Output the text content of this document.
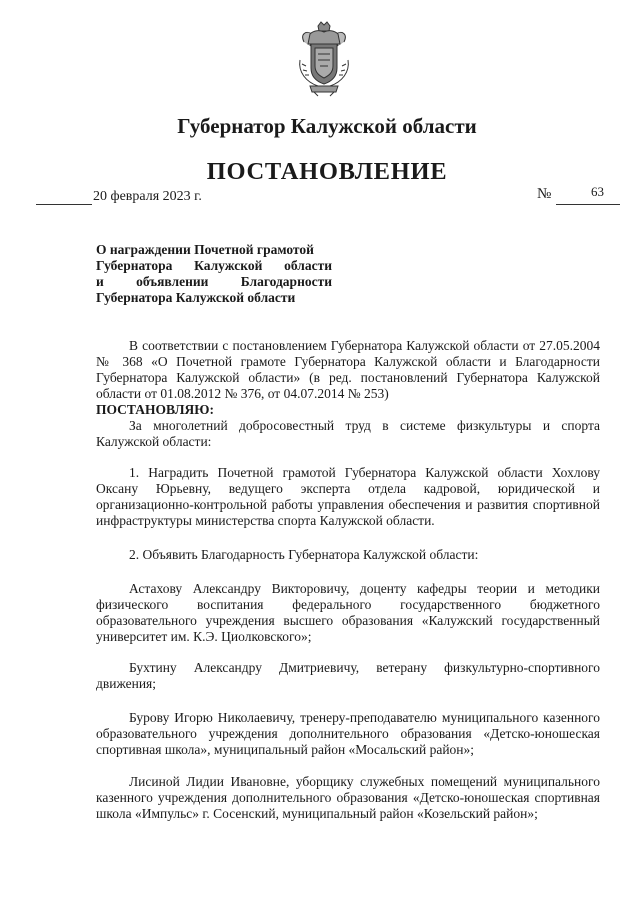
Губернатор Калужской области
ПОСТАНОВЛЕНИЕ
20 февраля 2023 г.	№	63
О награждении Почетной грамотой
Губернатора Калужской области
и объявлении Благодарности
Губернатора Калужской области

В соответствии с постановлением Губернатора Калужской области от 27.05.2004 № 368 «О Почетной грамоте Губернатора Калужской области и Благодарности Губернатора Калужской области» (в ред. постановлений Губернатора Калужской области от 01.08.2012 № 376, от 04.07.2014 № 253)

ПОСТАНОВЛЯЮ:

За многолетний добросовестный труд в системе физкультуры и спорта Калужской области:

1. Наградить Почетной грамотой Губернатора Калужской области Хохлову Оксану Юрьевну, ведущего эксперта отдела кадровой, юридической и организационно-контрольной работы управления обеспечения и развития спортивной инфраструктуры министерства спорта Калужской области.

2. Объявить Благодарность Губернатора Калужской области:

Астахову Александру Викторовичу, доценту кафедры теории и методики физического воспитания федерального государственного бюджетного образовательного учреждения высшего образования «Калужский государственный университет им. К.Э. Циолковского»;

Бухтину Александру Дмитриевичу, ветерану физкультурно-спортивного движения;

Бурову Игорю Николаевичу, тренеру-преподавателю муниципального казенного образовательного учреждения дополнительного образования «Детско-юношеская спортивная школа», муниципальный район «Мосальский район»;

Лисиной Лидии Ивановне, уборщику служебных помещений муниципального казенного учреждения дополнительного образования «Детско-юношеская спортивная школа «Импульс» г. Сосенский, муниципальный район «Козельский район»;
